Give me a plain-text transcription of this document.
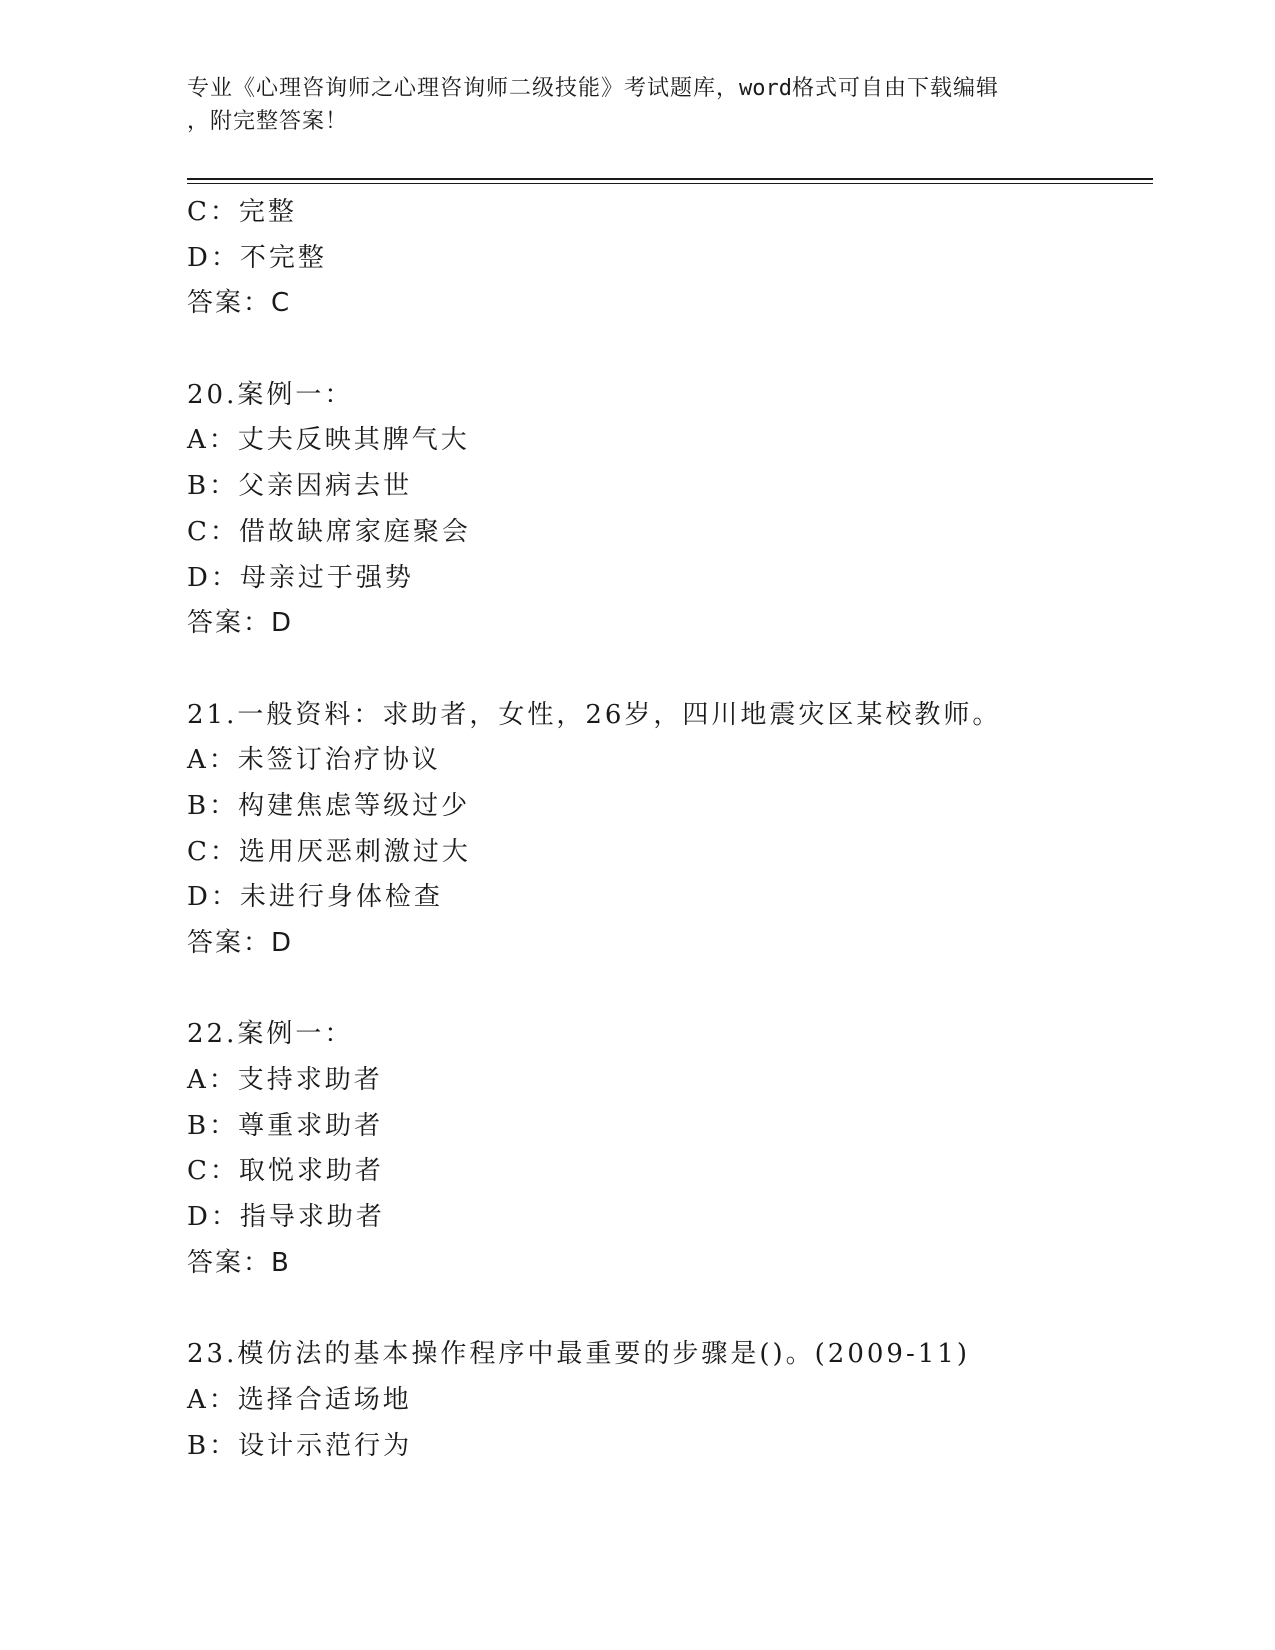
专业《心理咨询师之心理咨询师二级技能》考试题库，word格式可自由下载编辑
，附完整答案！
C：完整
D：不完整
答案：C
20.案例一：
A：丈夫反映其脾气大
B：父亲因病去世
C：借故缺席家庭聚会
D：母亲过于强势
答案：D
21.一般资料：求助者，女性，26岁，四川地震灾区某校教师。
A：未签订治疗协议
B：构建焦虑等级过少
C：选用厌恶刺激过大
D：未进行身体检查
答案：D
22.案例一：
A：支持求助者
B：尊重求助者
C：取悦求助者
D：指导求助者
答案：B
23.模仿法的基本操作程序中最重要的步骤是()。(2009-11)
A：选择合适场地
B：设计示范行为
